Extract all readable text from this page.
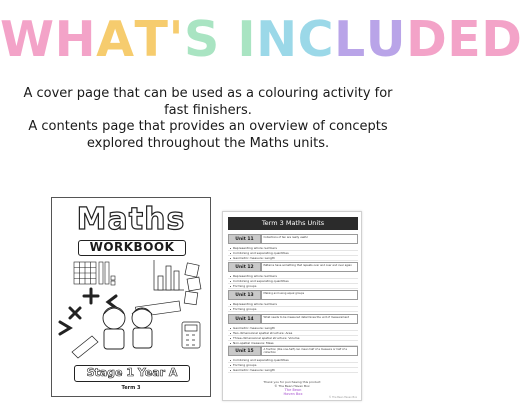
WHAT'S INCLUDED

A cover page that can be used as a colouring activity for

fast finishers.

A contents page that provides an overview of concepts

explored throughout the Maths units.

Maths
WORKBOOK
Stage 1 Year A
Term 3
Term 3 Maths Units
Unit 11	Collections of ten are really useful
Representing whole numbers
Combining and separating quantities
Geometric measure: Length
Unit 12	Patterns have something that repeats over and over and over again
Representing whole numbers
Combining and separating quantities
Forming groups
Unit 13	Making and using equal groups
Representing whole numbers
Forming groups
Unit 14	What needs to be measured determines the unit of measurement
Geometric measure: Length
Two-dimensional spatial structure: Area
Three-dimensional spatial structure: Volume
Non-spatial measure: Mass
Unit 15	A fraction (like one-half) can mean half of a measure or half of a collection
Combining and separating quantities
Forming groups
Geometric measure: Length
Thank you for purchasing this product
© The Bean Haven Box
The Bean Haven Box
© The Bean Haven Box
